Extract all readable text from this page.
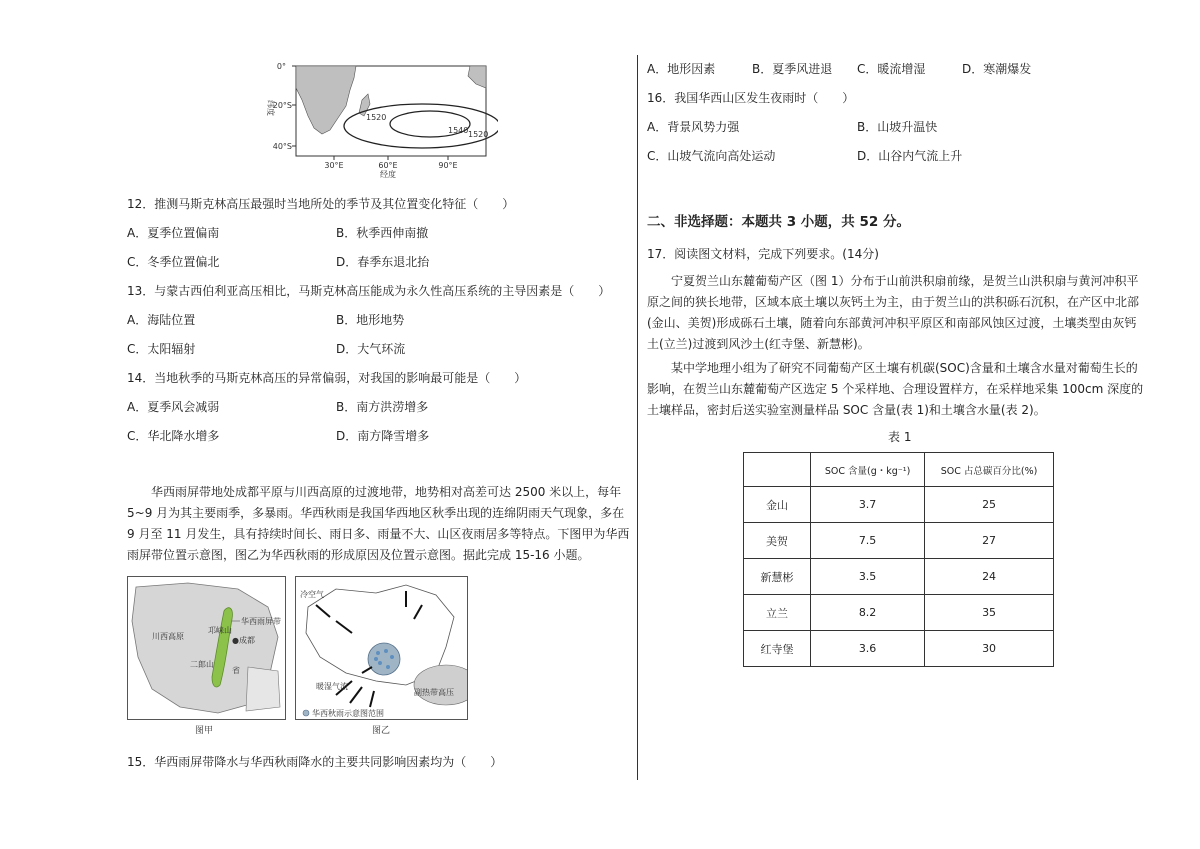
0°
20°S
40°S
30°E	60°E	90°E
经度
纬度
1520
1540 1520
12．推测马斯克林高压最强时当地所处的季节及其位置变化特征（　　）
A．夏季位置偏南	B．秋季西伸南撤
C．冬季位置偏北	D．春季东退北抬
13．与蒙古西伯利亚高压相比，马斯克林高压能成为永久性高压系统的主导因素是（　　）
A．海陆位置	B．地形地势
C．太阳辐射	D．大气环流
14．当地秋季的马斯克林高压的异常偏弱，对我国的影响最可能是（　　）
A．夏季风会减弱	B．南方洪涝增多
C．华北降水增多	D．南方降雪增多
华西雨屏带地处成都平原与川西高原的过渡地带，地势相对高差可达 2500 米以上，每年 5~9 月为其主要雨季，多暴雨。华西秋雨是我国华西地区秋季出现的连绵阴雨天气现象，多在 9 月至 11 月发生，具有持续时间长、雨日多、雨量不大、山区夜雨居多等特点。下图甲为华西雨屏带位置示意图，图乙为华西秋雨的形成原因及位置示意图。据此完成 15-16 小题。
华西雨屏带
●成都
川西高原
邛崃山
二郎山
省
图甲
冷空气
暖湿气流
副热带高压
华西秋雨示意图范围
图乙
15．华西雨屏带降水与华西秋雨降水的主要共同影响因素均为（　　）
A．地形因素	B．夏季风进退 C．暖流增湿	D．寒潮爆发
16．我国华西山区发生夜雨时（　　）
A．背景风势力强	B．山坡升温快
C．山坡气流向高处运动	D．山谷内气流上升
二、非选择题：本题共 3 小题，共 52 分。
17．阅读图文材料，完成下列要求。(14分)
宁夏贺兰山东麓葡萄产区（图 1）分布于山前洪积扇前缘，是贺兰山洪积扇与黄河冲积平原之间的狭长地带，区域本底土壤以灰钙土为主，由于贺兰山的洪积砾石沉积，在产区中北部(金山、美贺)形成砾石土壤，随着向东部黄河冲积平原区和南部风蚀区过渡，土壤类型由灰钙土(立兰)过渡到风沙土(红寺堡、新慧彬)。
某中学地理小组为了研究不同葡萄产区土壤有机碳(SOC)含量和土壤含水量对葡萄生长的影响，在贺兰山东麓葡萄产区选定 5 个采样地、合理设置样方，在采样地采集 100cm 深度的土壤样品，密封后送实验室测量样品 SOC 含量(表 1)和土壤含水量(表 2)。
表 1
	SOC 含量(g・kg⁻¹)	SOC 占总碳百分比(%)
金山	3.7	25
美贺	7.5	27
新慧彬	3.5	24
立兰	8.2	35
红寺堡	3.6	30
